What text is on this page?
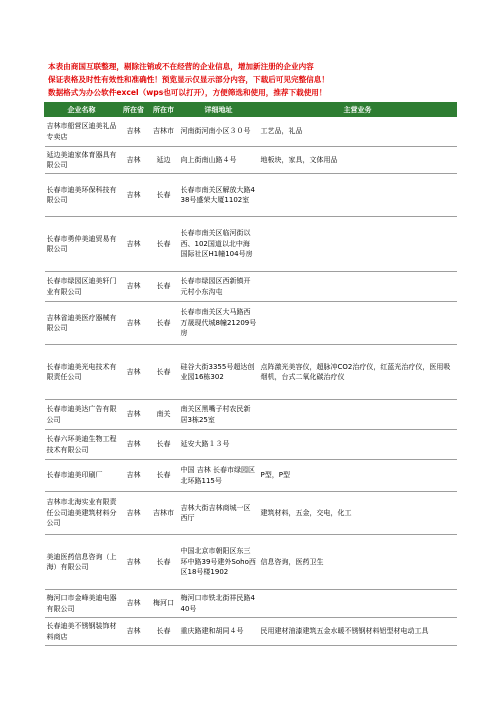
本表由商国互联整理，剔除注销或不在经营的企业信息，增加新注册的企业内容
保证表格及时性有效性和准确性！预览显示仅显示部分内容，下载后可见完整信息！
数据格式为办公软件excel（wps也可以打开），方便筛选和使用，推荐下载使用！
企业名称	所在省	所在市	详细地址	主营业务
吉林市船营区迪美礼品专卖店	吉林	吉林市	河南街河南小区３０号	工艺品，礼品
延边美迪家体育器具有限公司	吉林	延边	向上街南山路４号	地板块，家具，文体用品
长春市迪美环保科技有限公司	吉林	长春	长春市南关区解放大路438号盛荣大厦1102室	
长春市勇仲美迪贸易有限公司	吉林	长春	长春市南关区临河街以西、102国道以北中海国际社区H1幢104号房	
长春市绿园区迪美轩门业有限公司	吉林	长春	长春市绿园区西新镇开元村小东沟屯	
吉林省迪美医疗器械有限公司	吉林	长春	长春市南关区大马路西万晟现代城8幢21209号房	
长春市迪美光电技术有限责任公司	吉林	长春	硅谷大街3355号超达创业园16栋302	点阵激光美容仪，超脉冲CO2治疗仪，红蓝光治疗仪，医用吸烟机，台式二氧化碳治疗仪
长春市迪美达广告有限公司	吉林	南关	南关区黑嘴子村农民新居3栋25室	
长春六环美迪生物工程技术有限公司	吉林	长春	延安大路１３号	
长春市迪美印刷厂	吉林	长春	中国 吉林 长春市绿园区 北环路115号	P型，P型
吉林市北海实业有限责任公司迪美建筑材料分公司	吉林	吉林市	吉林大街吉林商城一区西厅	建筑材料，五金，交电，化工
美迪医药信息咨询（上海）有限公司	吉林	长春	中国北京市朝阳区东三环中路39号建外Soho西区18号楼1902	信息咨询，医药卫生
梅河口市金峰美迪电器有限公司	吉林	梅河口	梅河口市铁北街祥民路440号	
长春迪美不锈钢装饰材料商店	吉林	长春	重庆路建和胡同４号	民用建材油漆建筑五金水暖不锈钢材料铝型材电动工具
